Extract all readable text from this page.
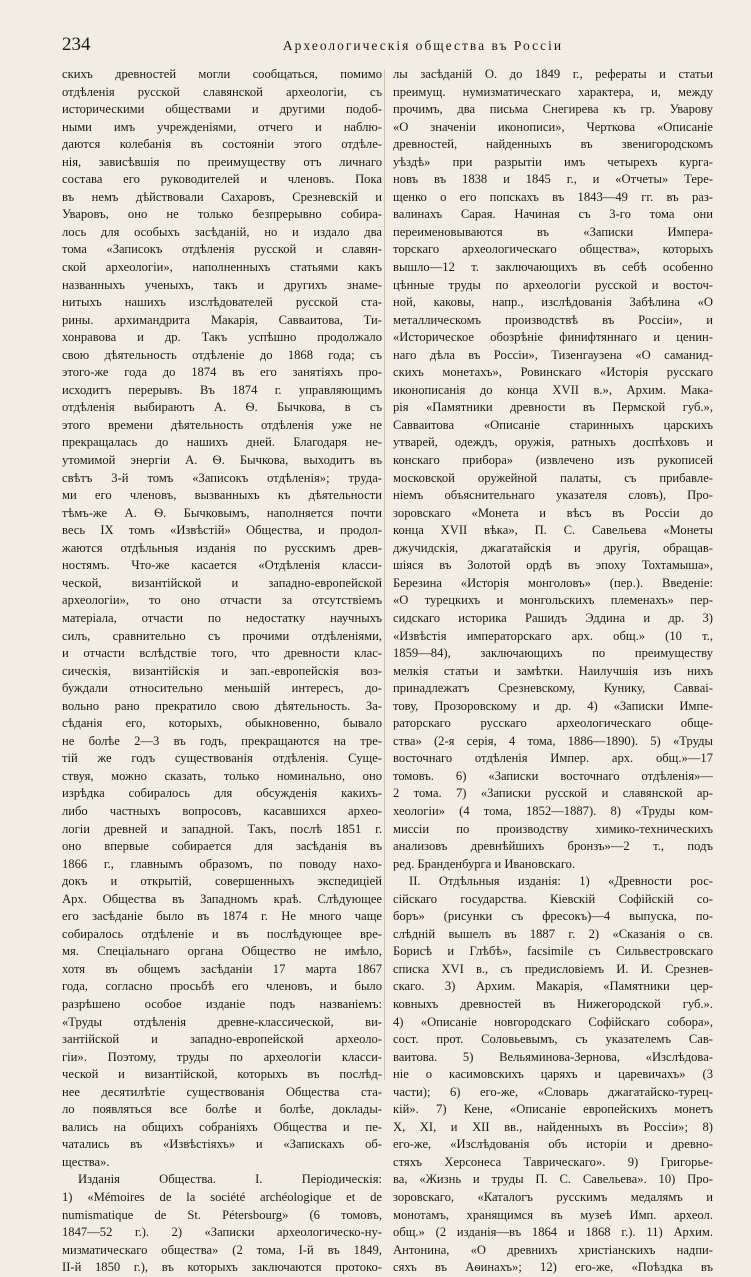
234	Археологическія общества въ Россіи
скихъ древностей могли сообщаться, помимо
отдѣленія русской славянской археологіи, съ
историческими обществами и другими подоб-
ными имъ учрежденіями, отчего и наблю-
даются колебанія въ состояніи этого отдѣле-
нія, зависѣвшія по преимуществу отъ личнаго
состава его руководителей и членовъ. Пока
въ немъ дѣйствовали Сахаровъ, Срезневскій и
Уваровъ, оно не только безпрерывно собира-
лось для особыхъ засѣданій, но и издало два
тома «Записокъ отдѣленія русской и славян-
ской археологіи», наполненныхъ статьями какъ
названныхъ ученыхъ, такъ и другихъ знаме-
нитыхъ нашихъ изслѣдователей русской ста-
рины. архимандрита Макарія, Савваитова, Ти-
хонравова и др. Такъ успѣшно продолжало
свою дѣятельность отдѣленіе до 1868 года; съ
этого-же года до 1874 въ его занятіяхъ про-
исходитъ перерывъ. Въ 1874 г. управляющимъ
отдѣленія выбираютъ А. Ѳ. Бычкова, в съ
этого времени дѣятельность отдѣленія уже не
прекращалась до нашихъ дней. Благодаря не-
утомимой энергіи А. Ѳ. Бычкова, выходитъ въ
свѣтъ 3-й томъ «Записокъ отдѣленія»; труда-
ми его членовъ, вызванныхъ къ дѣятельности
тѣмъ-же А. Ѳ. Бычковымъ, наполняется почти
весь IX томъ «Извѣстій» Общества, и продол-
жаются отдѣльныя изданія по русскимъ древ-
ностямъ. Что-же касается «Отдѣленія класси-
ческой, византійской и западно-европейской
археологіи», то оно отчасти за отсутствіемъ
матеріала, отчасти по недостатку научныхъ
силъ, сравнительно съ прочими отдѣленіями,
и отчасти вслѣдствіе того, что древности клас-
сическія, византійскія и зап.-европейскія воз-
буждали относительно меньшій интересъ, до-
вольно рано прекратило свою дѣятельность. За-
сѣданія его, которыхъ, обыкновенно, бывало
не болѣе 2—3 въ годъ, прекращаются на тре-
тій же годъ существованія отдѣленія. Суще-
ствуя, можно сказать, только номинально, оно
изрѣдка собиралось для обсужденія какихъ-
либо частныхъ вопросовъ, касавшихся архео-
логіи древней и западной. Такъ, послѣ 1851 г.
оно впервые собирается для засѣданія въ
1866 г., главнымъ образомъ, по поводу нахо-
докъ и открытій, совершенныхъ экспедиціей
Арх. Общества въ Западномъ краѣ. Слѣдующее
его засѣданіе было въ 1874 г. Не много чаще
собиралось отдѣленіе и въ послѣдующее вре-
мя. Спеціальнаго органа Общество не имѣло,
хотя въ общемъ засѣданіи 17 марта 1867
года, согласно просьбѣ его членовъ, и было
разрѣшено особое изданіе подъ названіемъ:
«Труды отдѣленія древне-классической, ви-
зантійской и западно-европейской археоло-
гіи». Поэтому, труды по археологіи класси-
ческой и византійской, которыхъ въ послѣд-
нее десятилѣтіе существованія Общества ста-
ло появляться все болѣе и болѣе, доклады-
вались на общихъ собраніяхъ Общества и пе-
чатались въ «Извѣстіяхъ» и «Запискахъ об-
щества».
Изданія Общества. I. Періодическія:
1) «Mémoires de la société archéologique et de
numismatique de St. Pétersbourg» (6 томовъ,
1847—52 г.). 2) «Записки археологическо-ну-
мизматическаго общества» (2 тома, І-й въ 1849,
ІІ-й 1850 г.), въ которыхъ заключаются протоко-
лы засѣданій О. до 1849 г., рефераты и статьи
преимущ. нумизматическаго характера, и, между
прочимъ, два письма Снегирева къ гр. Уварову
«О значеніи иконописи», Черткова «Описаніе
древностей, найденныхъ въ звенигородскомъ
уѣздѣ» при разрытіи имъ четырехъ курга-
новъ въ 1838 и 1845 г., и «Отчеты» Тере-
щенко о его попскахъ въ 1843—49 гг. въ раз-
валинахъ Сарая. Начиная съ 3-го тома они
переименовываются въ «Записки Импера-
торскаго археологическаго общества», которыхъ
вышло—12 т. заключающихъ въ себѣ особенно
цѣнные труды по археологіи русской и восточ-
ной, каковы, напр., изслѣдованія Забѣлина «О
металлическомъ производствѣ въ Россіи», и
«Историческое обозрѣніе финифтяннаго и ценин-
наго дѣла въ Россіи», Тизенгаузена «О саманид-
скихъ монетахъ», Ровинскаго «Исторія русскаго
иконописанія до конца XVII в.», Архим. Мака-
рія «Памятники древности въ Пермской губ.»,
Савваитова «Описаніе старинныхъ царскихъ
утварей, одеждъ, оружія, ратныхъ доспѣховъ и
конскаго прибора» (извлечено изъ рукописей
московской оружейной палаты, съ прибавле-
ніемъ объяснительнаго указателя словъ), Про-
зоровскаго «Монета и вѣсъ въ Россіи до
конца XVII вѣка», П. С. Савельева «Монеты
джучидскія, джагатайскія и другія, обращав-
шіяся въ Золотой ордѣ въ эпоху Тохтамыша»,
Березина «Исторія монголовъ» (пер.). Введеніе:
«О турецкихъ и монгольскихъ племенахъ» пер-
сидскаго историка Рашидъ Эддина и др. 3)
«Извѣстія императорскаго арх. общ.» (10 т.,
1859—84), заключающихъ по преимуществу
мелкія статьи и замѣтки. Наилучшія изъ нихъ
принадлежатъ Срезневскому, Кунику, Саввai-
тову, Прозоровскому и др. 4) «Записки Импе-
раторскаго русскаго археологическаго обще-
ства» (2-я серія, 4 тома, 1886—1890). 5) «Труды
восточнаго отдѣленія Импер. арх. общ.»—17
томовъ. 6) «Записки восточнаго отдѣленія»—
2 тома. 7) «Записки русской и славянской ар-
хеологіи» (4 тома, 1852—1887). 8) «Труды ком-
миссіи по производству химико-техническихъ
анализовъ древнѣйшихъ бронзъ»—2 т., подъ
ред. Бранденбурга и Ивановскаго.
II. Отдѣльныя изданія: 1) «Древности рос-
сійскаго государства. Кіевскій Софійскій со-
боръ» (рисунки съ фресокъ)—4 выпуска, по-
слѣдній вышелъ въ 1887 г. 2) «Сказанія о св.
Борисѣ и Глѣбѣ», facsimile съ Сильвестровскаго
списка XVI в., съ предисловіемъ И. И. Срезнев-
скаго. 3) Архим. Макарія, «Памятники цер-
ковныхъ древностей въ Нижегородской губ.».
4) «Описаніе новгородскаго Софійскаго собора»,
сост. прот. Соловьевымъ, съ указателемъ Сав-
ваитова. 5) Вельяминова-Зернова, «Изслѣдова-
ніе о касимовскихъ царяхъ и царевичахъ» (3
части); 6) его-же, «Словарь джагатайско-турец-
кій». 7) Кене, «Описаніе европейскихъ монетъ
X, XI, и XII вв., найденныхъ въ Россіи»; 8)
его-же, «Изслѣдованія объ исторіи и древно-
стяхъ Херсонеса Таврическаго». 9) Григорье-
ва, «Жизнь и труды П. С. Савельева». 10) Про-
зоровскаго, «Каталогъ русскимъ медалямъ и
монотамъ, хранящимся въ музеѣ Имп. археол.
общ.» (2 изданія—въ 1864 и 1868 г.). 11) Архим.
Антонина, «О древнихъ христіанскихъ надпи-
сяхъ въ Аѳинахъ»; 12) его-же, «Поѣздка въ
